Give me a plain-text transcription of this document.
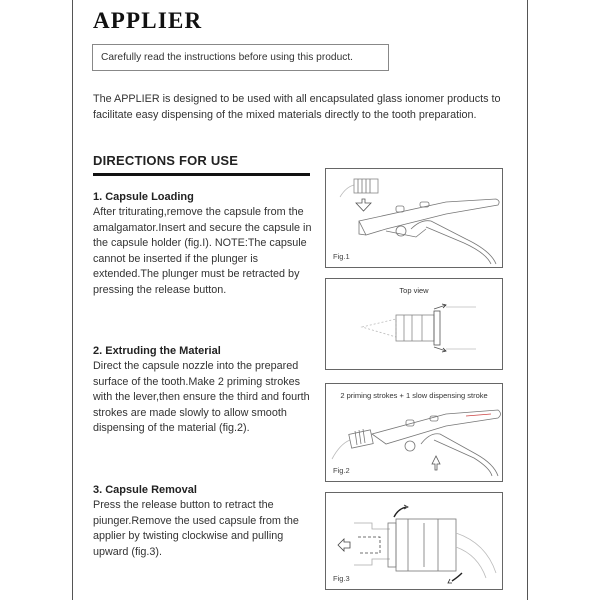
APPLIER
Carefully read the instructions before using this product.

The APPLIER is designed to be used with all encapsulated glass ionomer products to facilitate easy dispensing of the mixed materials directly to the tooth preparation.

DIRECTIONS FOR USE
1. Capsule Loading

After triturating,remove the capsule from the amalgamator.Insert and secure the capsule in the capsule holder (fig.I). NOTE:The capsule cannot be inserted if the plunger is extended.The plunger must be retracted by pressing the release button.

2. Extruding the Material

Direct the capsule nozzle into the prepared surface of the tooth.Make 2 priming strokes with the lever,then ensure the third and fourth strokes are made slowly to allow smooth dispensing of the material (fig.2).

3. Capsule Removal

Press the release button to retract the piunger.Remove the used capsule from the applier by twisting clockwise and pulling upward (fig.3).

Fig.1
Top view
2 priming strokes + 1 slow dispensing stroke
Fig.2
Fig.3
